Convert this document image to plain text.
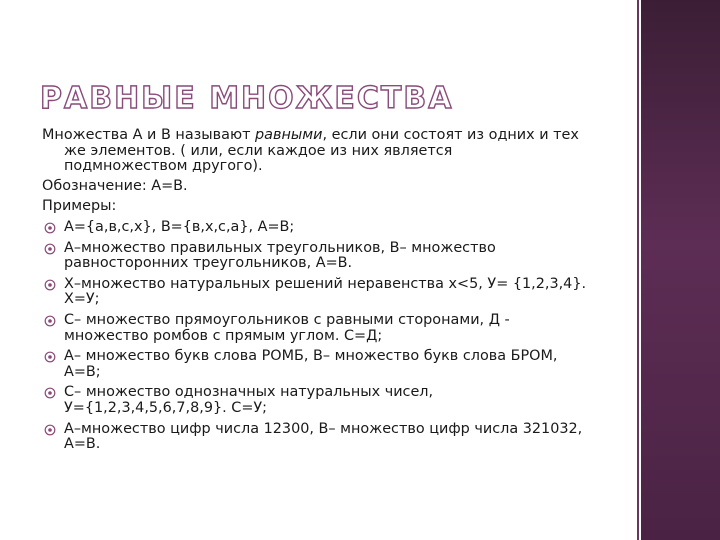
РАВНЫЕ МНОЖЕСТВА

Множества А и В называют равными, если они состоят из одних и тех
же элементов. ( или, если каждое из них является
подмножеством другого).

Обозначение: А=В.

Примеры:

А={а,в,с,х}, В={в,х,с,а}, А=В;
А–множество правильных треугольников, В– множество
равносторонних треугольников, А=В.
Х–множество натуральных решений неравенства х<5, У= {1,2,3,4}.
Х=У;
С– множество прямоугольников с равными сторонами, Д -
множество ромбов с прямым углом. С=Д;
А– множество букв слова РОМБ, В– множество букв слова БРОМ,
А=В;
С– множество однозначных натуральных чисел,
У={1,2,3,4,5,6,7,8,9}. С=У;
А–множество цифр числа 12300, В– множество цифр числа 321032,
А=В.
